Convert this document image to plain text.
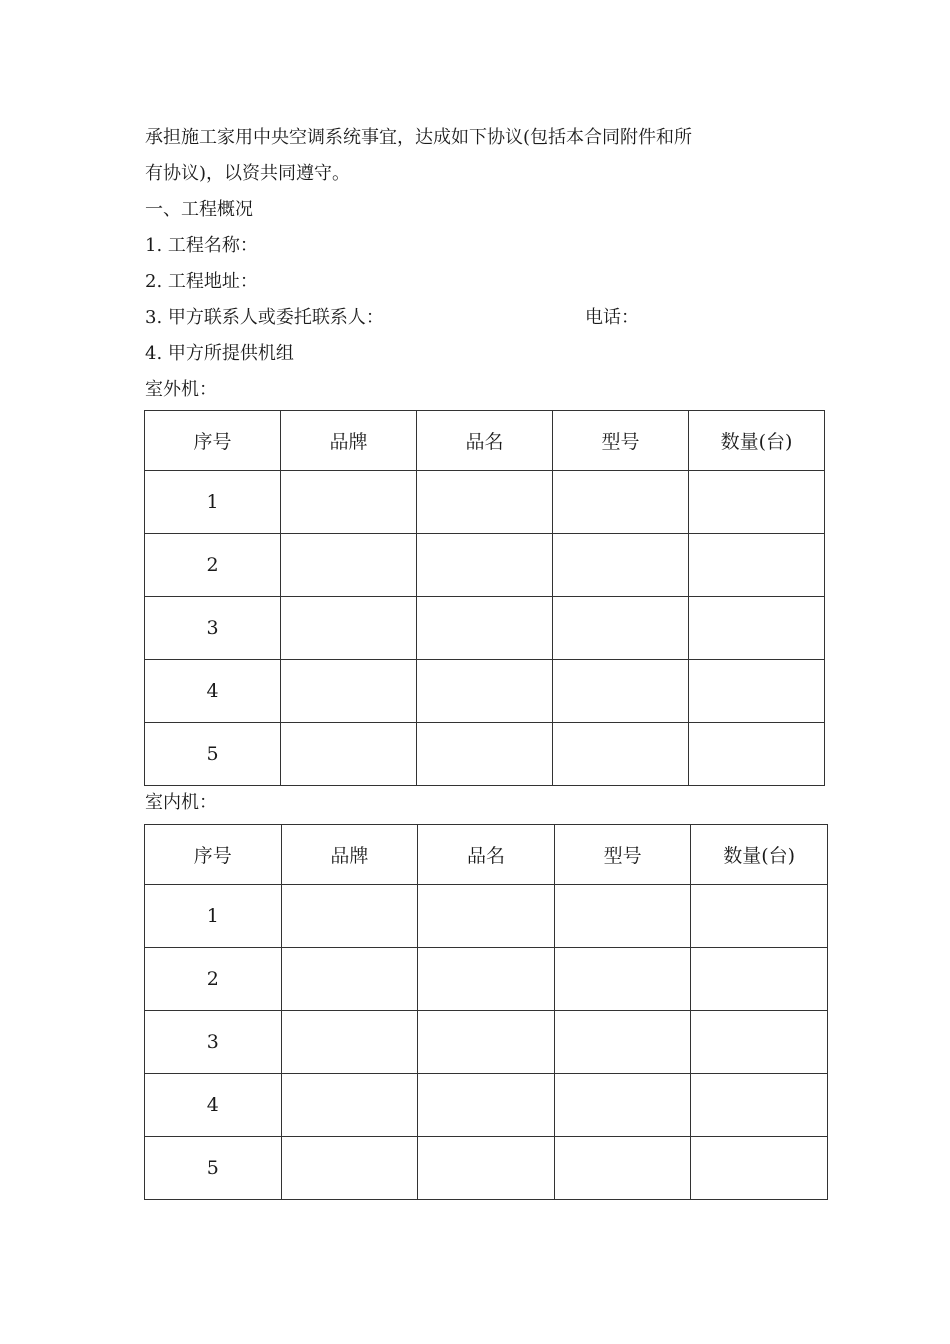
承担施工家用中央空调系统事宜，达成如下协议(包括本合同附件和所
有协议)，以资共同遵守。
一、工程概况
1. 工程名称：
2. 工程地址：
3. 甲方联系人或委托联系人：	电话：
4. 甲方所提供机组
室外机：
序号	品牌	品名	型号	数量(台)
1				
2				
3				
4				
5				
室内机：
序号	品牌	品名	型号	数量(台)
1				
2				
3				
4				
5				
